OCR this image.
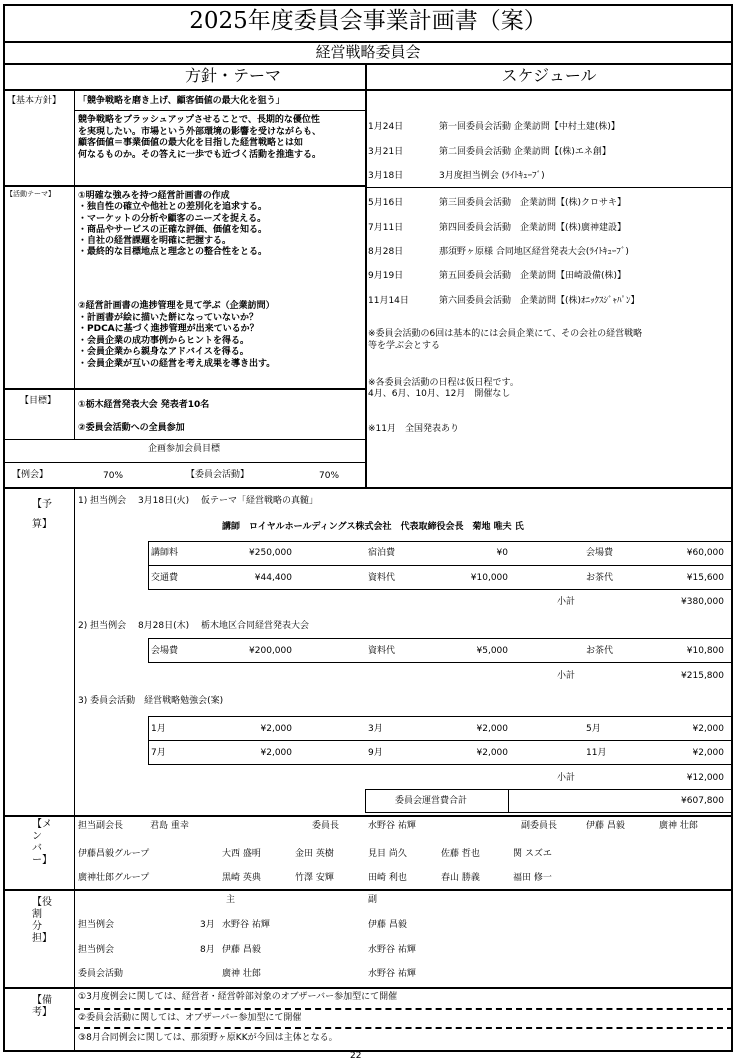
2025年度委員会事業計画書（案）
経営戦略委員会
方針・テーマ	スケジュール
【基本方針】 「競争戦略を磨き上げ、顧客価値の最大化を狙う」
競争戦略をブラッシュアップさせることで、長期的な優位性
を実現したい。市場という外部環境の影響を受けながらも、
顧客価値＝事業価値の最大化を目指した経営戦略とは如
何なるものか。その答えに一歩でも近づく活動を推進する。
【活動テーマ】	①明確な強みを持つ経営計画書の作成
・独自性の確立や他社との差別化を追求する。
・マーケットの分析や顧客のニーズを捉える。
・商品やサービスの正確な評価、価値を知る。
・自社の経営課題を明確に把握する。
・最終的な目標地点と理念との整合性をとる。
②経営計画書の進捗管理を見て学ぶ（企業訪問）
・計画書が絵に描いた餅になっていないか？
・PDCAに基づく進捗管理が出来ているか？
・会員企業の成功事例からヒントを得る。
・会員企業から親身なアドバイスを得る。
・会員企業が互いの経営を考え成果を導き出す。
【目標】 ①栃木経営発表大会 発表者10名
②委員会活動への全員参加
企画参加会員目標
【例会】	70%	【委員会活動】	70%
1月24日	第一回委員会活動 企業訪問【中村土建(株)】
3月21日	第二回委員会活動 企業訪問【(株)エネ創】
3月18日	3月度担当例会 (ﾗｲﾄｷｭｰﾌﾞ)
5月16日	第三回委員会活動　企業訪問【(株)クロサキ】
7月11日	第四回委員会活動　企業訪問【(株)廣神建設】
8月28日	那須野ヶ原様 合同地区経営発表大会(ﾗｲﾄｷｭｰﾌﾞ)
9月19日	第五回委員会活動　企業訪問【田崎設備(株)】
11月14日	第六回委員会活動　企業訪問【(株)ｵﾆｯｸｽｼﾞｬﾊﾟﾝ】
※委員会活動の6回は基本的には会員企業にて、その会社の経営戦略
等を学ぶ会とする
※各委員会活動の日程は仮日程です。
4月、6月、10月、12月　開催なし
※11月　全国発表あり
【予算】
1) 担当例会　 3月18日(火)　 仮テーマ「経営戦略の真髄」
講師　ロイヤルホールディングス株式会社　代表取締役会長　菊地 唯夫 氏
講師料	¥250,000	宿泊費	¥0	会場費	¥60,000
交通費	¥44,400	資料代	¥10,000	お茶代	¥15,600
小計	¥380,000
2) 担当例会　 8月28日(木)　 栃木地区合同経営発表大会
会場費	¥200,000	資料代	¥5,000	お茶代	¥10,800
小計	¥215,800
3) 委員会活動　経営戦略勉強会(案)
1月	¥2,000	3月	¥2,000	5月	¥2,000
7月	¥2,000	9月	¥2,000	11月	¥2,000
小計	¥12,000
委員会運営費合計	¥607,800
【メンバー】
担当副会長	君島 重幸	委員長	水野谷 祐輝	副委員長	伊藤 昌毅	廣神 壮郎
伊藤昌毅グループ	大西 盛明	金田 英樹	見目 尚久	佐藤 哲也	関 スズエ
廣神壮郎グループ	黒崎 英典	竹澤 安輝	田崎 利也	春山 勝義	福田 修一
【役割分担】
主	副
担当例会	3月 水野谷 祐輝	伊藤 昌毅
担当例会	8月 伊藤 昌毅	水野谷 祐輝
委員会活動	廣神 壮郎	水野谷 祐輝
【備考】
①3月度例会に関しては、経営者・経営幹部対象のオブザーバー参加型にて開催
②委員会活動に関しては、オブザーバー参加型にて開催
③8月合同例会に関しては、那須野ヶ原KKが今回は主体となる。
22
